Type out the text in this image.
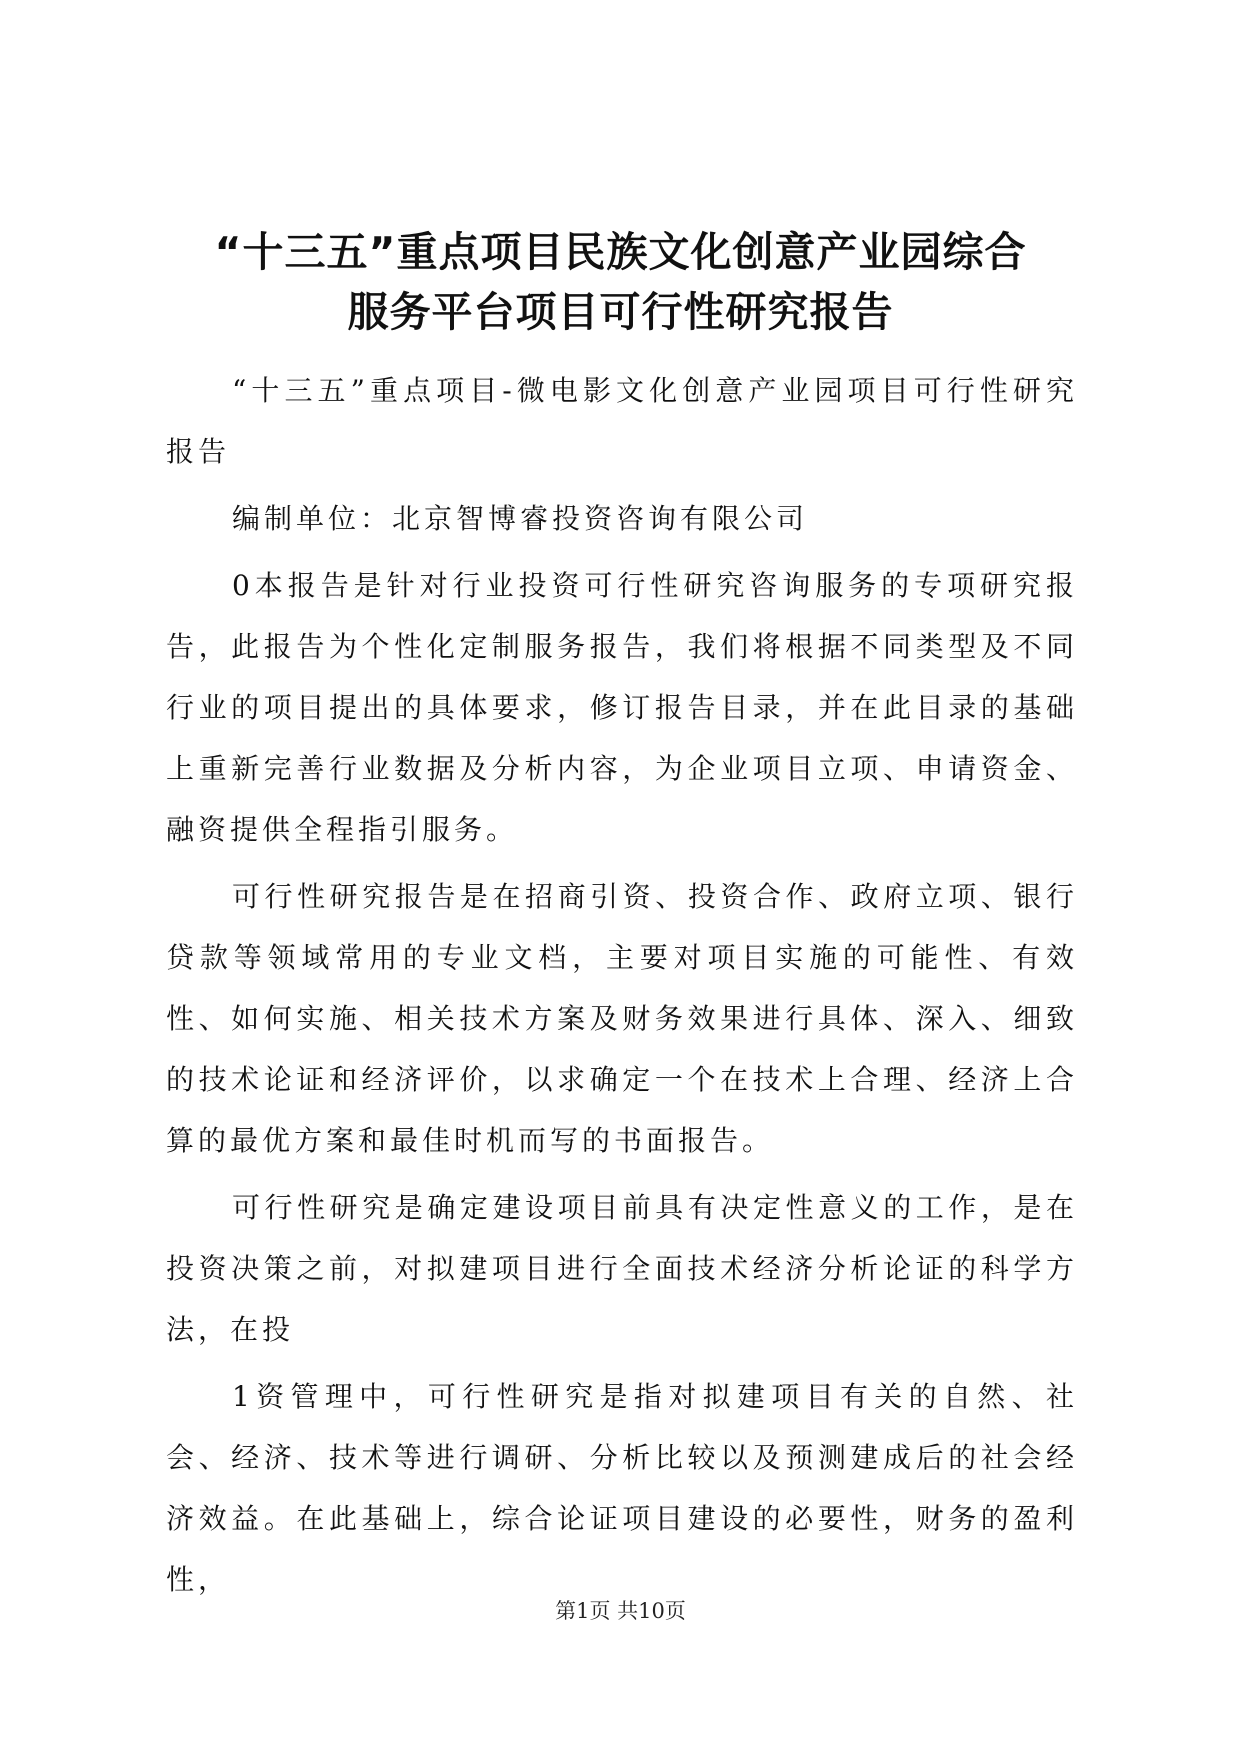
“十三五”重点项目民族文化创意产业园综合
服务平台项目可行性研究报告

“十三五”重点项目-微电影文化创意产业园项目可行性研究报告

编制单位：北京智博睿投资咨询有限公司

0本报告是针对行业投资可行性研究咨询服务的专项研究报告，此报告为个性化定制服务报告，我们将根据不同类型及不同行业的项目提出的具体要求，修订报告目录，并在此目录的基础上重新完善行业数据及分析内容，为企业项目立项、申请资金、融资提供全程指引服务。

可行性研究报告是在招商引资、投资合作、政府立项、银行贷款等领域常用的专业文档，主要对项目实施的可能性、有效性、如何实施、相关技术方案及财务效果进行具体、深入、细致的技术论证和经济评价，以求确定一个在技术上合理、经济上合算的最优方案和最佳时机而写的书面报告。

可行性研究是确定建设项目前具有决定性意义的工作，是在投资决策之前，对拟建项目进行全面技术经济分析论证的科学方法，在投

1资管理中，可行性研究是指对拟建项目有关的自然、社会、经济、技术等进行调研、分析比较以及预测建成后的社会经济效益。在此基础上，综合论证项目建设的必要性，财务的盈利性，

第1页 共10页
